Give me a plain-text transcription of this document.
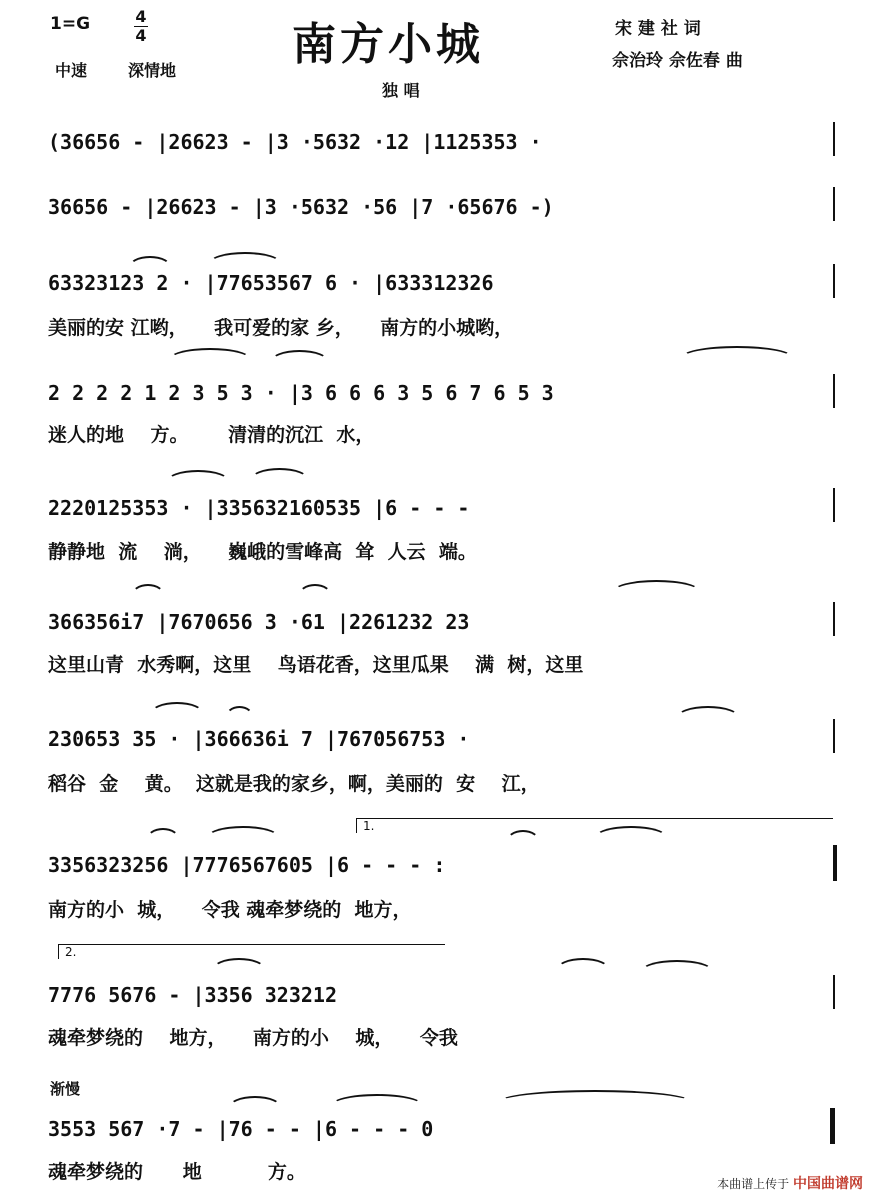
1=G	4
4
中速	深情地
南方小城	宋 建 社 词
佘治玲 佘佐春 曲
独 唱
(36656 - |26623 - |3 ·5632 ·12 |1125353 ·
36656 - |26623 - |3 ·5632 ·56 |7 ·65676 -)
63323123 2 · |77653567 6 · |633312326
美丽的安 江哟，    我可爱的家 乡，    南方的小城哟，
2 2 2 2 1 2 3 5 3 · |3 6 6 6 3 5 6 7 6 5 3
迷人的地    方。      清清的沉江  水，
2220125353 · |335632160535 |6 - - -
静静地  流    淌，    巍峨的雪峰高  耸  人云  端。
366356i7 |7670656 3 ·61 |2261232 23
这里山青  水秀啊，这里    鸟语花香，这里瓜果    满  树，这里
230653 35 · |366636i 7 |767056753 ·
稻谷  金    黄。  这就是我的家乡，啊，美丽的  安    江，
1.
3356323256 |7776567605 |6 - - - :
南方的小  城，    令我 魂牵梦绕的  地方，
2.
7776 5676 - |3356 323212
魂牵梦绕的    地方，    南方的小    城，    令我
渐慢
3553 567 ·7 - |76 - - |6 - - - 0
魂牵梦绕的      地          方。
本曲谱上传于 中国曲谱网
